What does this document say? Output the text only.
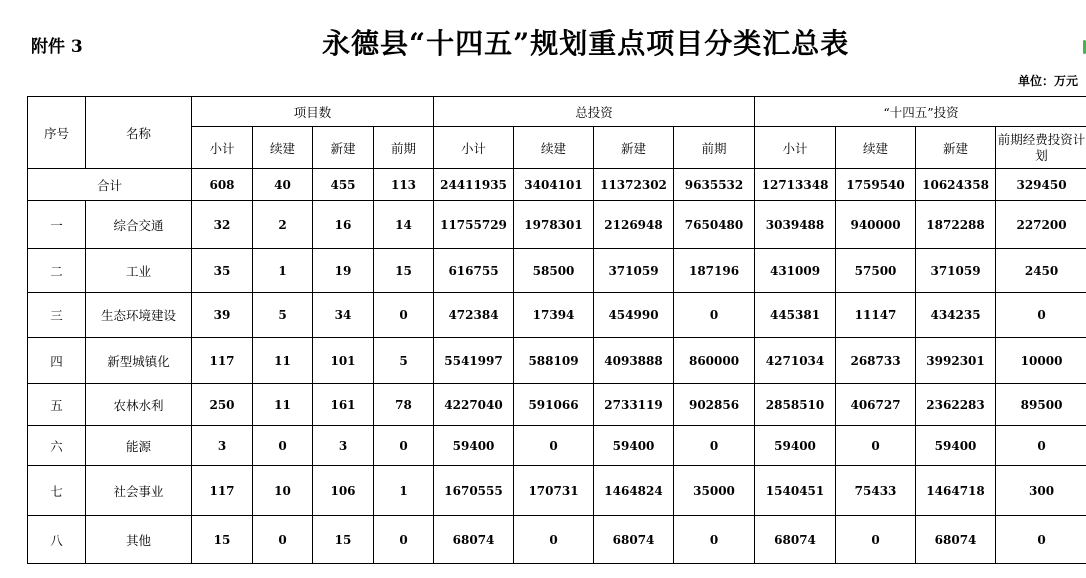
附件 3	永德县“十四五”规划重点项目分类汇总表
单位：万元
序号	名称	项目数				总投资				“十四五”投资			
		小计	续建	新建	前期	小计	续建	新建	前期	小计	续建	新建	前期经费投资计划
合计		608	40	455	113	24411935	3404101	11372302	9635532	12713348	1759540	10624358	329450
一	综合交通	32	2	16	14	11755729	1978301	2126948	7650480	3039488	940000	1872288	227200
二	工业	35	1	19	15	616755	58500	371059	187196	431009	57500	371059	2450
三	生态环境建设	39	5	34	0	472384	17394	454990	0	445381	11147	434235	0
四	新型城镇化	117	11	101	5	5541997	588109	4093888	860000	4271034	268733	3992301	10000
五	农林水利	250	11	161	78	4227040	591066	2733119	902856	2858510	406727	2362283	89500
六	能源	3	0	3	0	59400	0	59400	0	59400	0	59400	0
七	社会事业	117	10	106	1	1670555	170731	1464824	35000	1540451	75433	1464718	300
八	其他	15	0	15	0	68074	0	68074	0	68074	0	68074	0
